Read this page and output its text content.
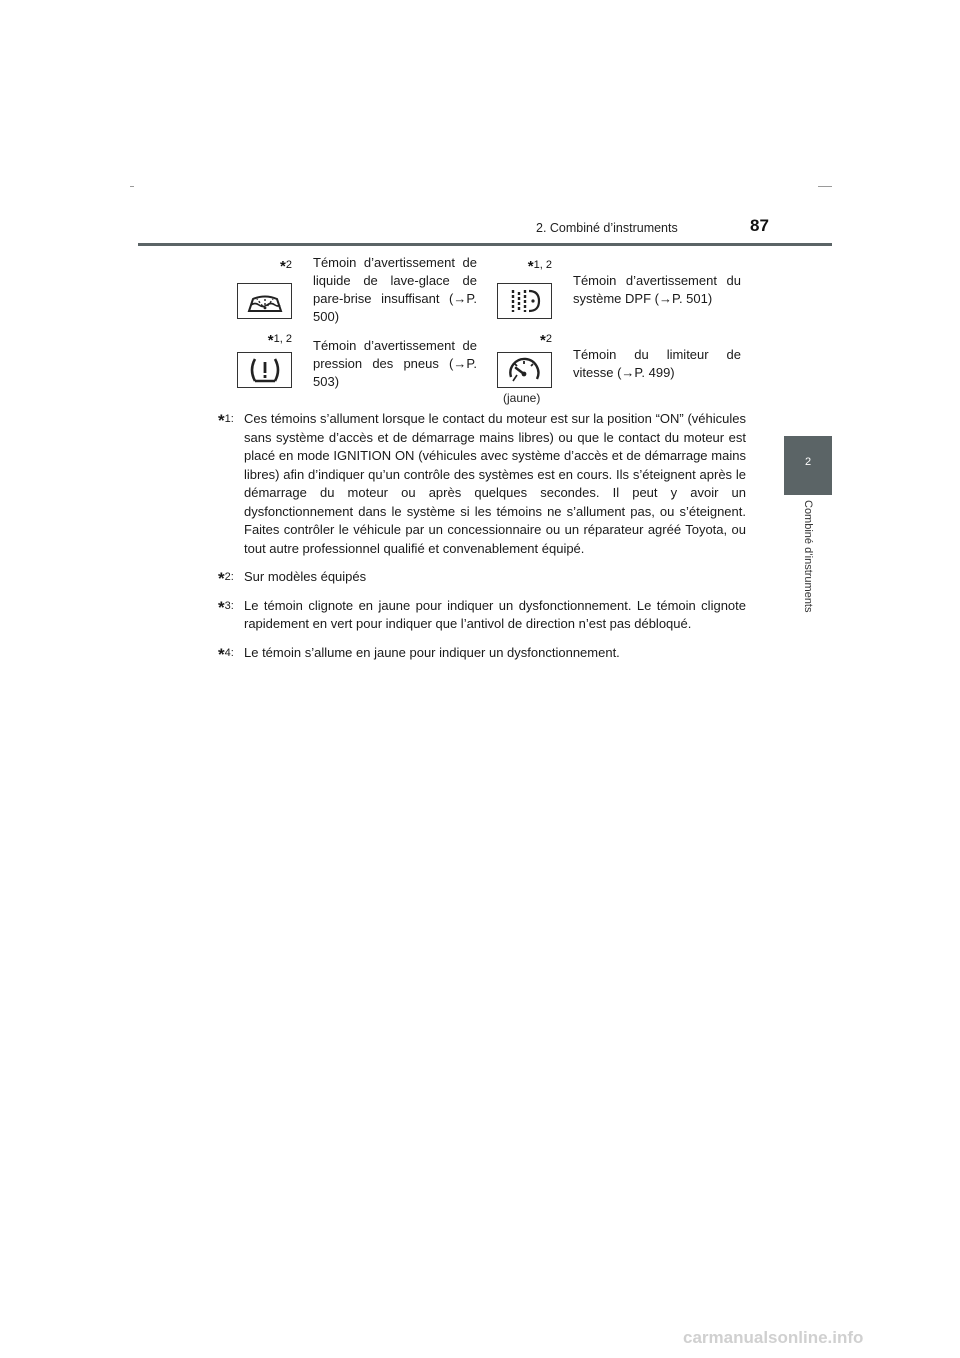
2. Combiné d’instruments	87
2
Combiné d’instruments
*2 Témoin d’avertissement de liquide de lave-glace de pare-brise insuffisant (→P. 500)
*1, 2
Témoin d’avertissement du système DPF (→P. 501)
*1, 2 Témoin d’avertissement de pression des pneus (→P. 503)
*2
(jaune)
Témoin du limiteur de vitesse (→P. 499)
*1: Ces témoins s’allument lorsque le contact du moteur est sur la position “ON” (véhicules sans système d’accès et de démarrage mains libres) ou que le contact du moteur est placé en mode IGNITION ON (véhicules avec système d’accès et de démarrage mains libres) afin d’indiquer qu’un contrôle des systèmes est en cours. Ils s’éteignent après le démarrage du moteur ou après quelques secondes. Il peut y avoir un dysfonctionnement dans le système si les témoins ne s’allument pas, ou s’éteignent. Faites contrôler le véhicule par un concessionnaire ou un réparateur agréé Toyota, ou tout autre professionnel qualifié et convenablement équipé.
*2: Sur modèles équipés
*3: Le témoin clignote en jaune pour indiquer un dysfonctionnement. Le témoin clignote rapidement en vert pour indiquer que l’antivol de direction n’est pas débloqué.
*4: Le témoin s’allume en jaune pour indiquer un dysfonctionnement.
carmanualsonline.info
